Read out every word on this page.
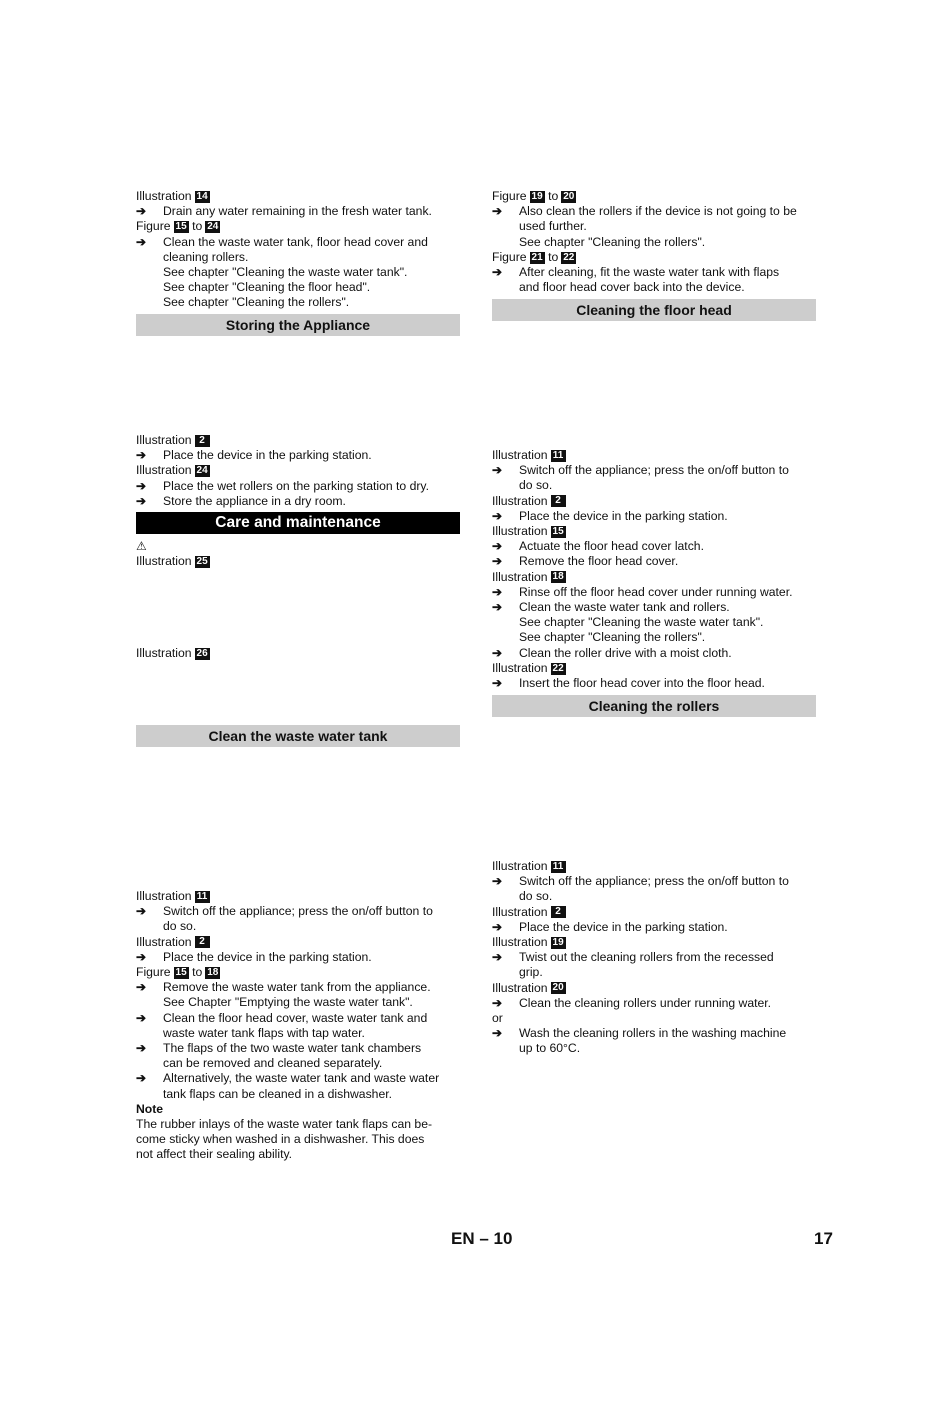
Illustration 14
➔	Drain any water remaining in the fresh water tank.
Figure 15 to 24
➔	Clean the waste water tank, floor head cover and
cleaning rollers.
See chapter "Cleaning the waste water tank".
See chapter "Cleaning the floor head".
See chapter "Cleaning the rollers".
Storing the Appliance
Illustration 2
➔	Place the device in the parking station.
Illustration 24
➔	Place the wet rollers on the parking station to dry.
➔	Store the appliance in a dry room.
Care and maintenance
⚠
Illustration 25
Illustration 26
Clean the waste water tank
Illustration 11
➔	Switch off the appliance; press the on/off button to
do so.
Illustration 2
➔	Place the device in the parking station.
Figure 15 to 18
➔	Remove the waste water tank from the appliance.
See Chapter "Emptying the waste water tank".
➔	Clean the floor head cover, waste water tank and
waste water tank flaps with tap water.
➔	The flaps of the two waste water tank chambers
can be removed and cleaned separately.
➔	Alternatively, the waste water tank and waste water
tank flaps can be cleaned in a dishwasher.
Note
The rubber inlays of the waste water tank flaps can be-
come sticky when washed in a dishwasher. This does
not affect their sealing ability.
Figure 19 to 20
➔	Also clean the rollers if the device is not going to be
used further.
See chapter "Cleaning the rollers".
Figure 21 to 22
➔	After cleaning, fit the waste water tank with flaps
and floor head cover back into the device.
Cleaning the floor head
Illustration 11
➔	Switch off the appliance; press the on/off button to
do so.
Illustration 2
➔	Place the device in the parking station.
Illustration 15
➔	Actuate the floor head cover latch.
➔	Remove the floor head cover.
Illustration 18
➔	Rinse off the floor head cover under running water.
➔	Clean the waste water tank and rollers.
See chapter "Cleaning the waste water tank".
See chapter "Cleaning the rollers".
➔	Clean the roller drive with a moist cloth.
Illustration 22
➔	Insert the floor head cover into the floor head.
Cleaning the rollers
Illustration 11
➔	Switch off the appliance; press the on/off button to
do so.
Illustration 2
➔	Place the device in the parking station.
Illustration 19
➔	Twist out the cleaning rollers from the recessed
grip.
Illustration 20
➔	Clean the cleaning rollers under running water.
or
➔	Wash the cleaning rollers in the washing machine
up to 60°C.
EN – 10	17
